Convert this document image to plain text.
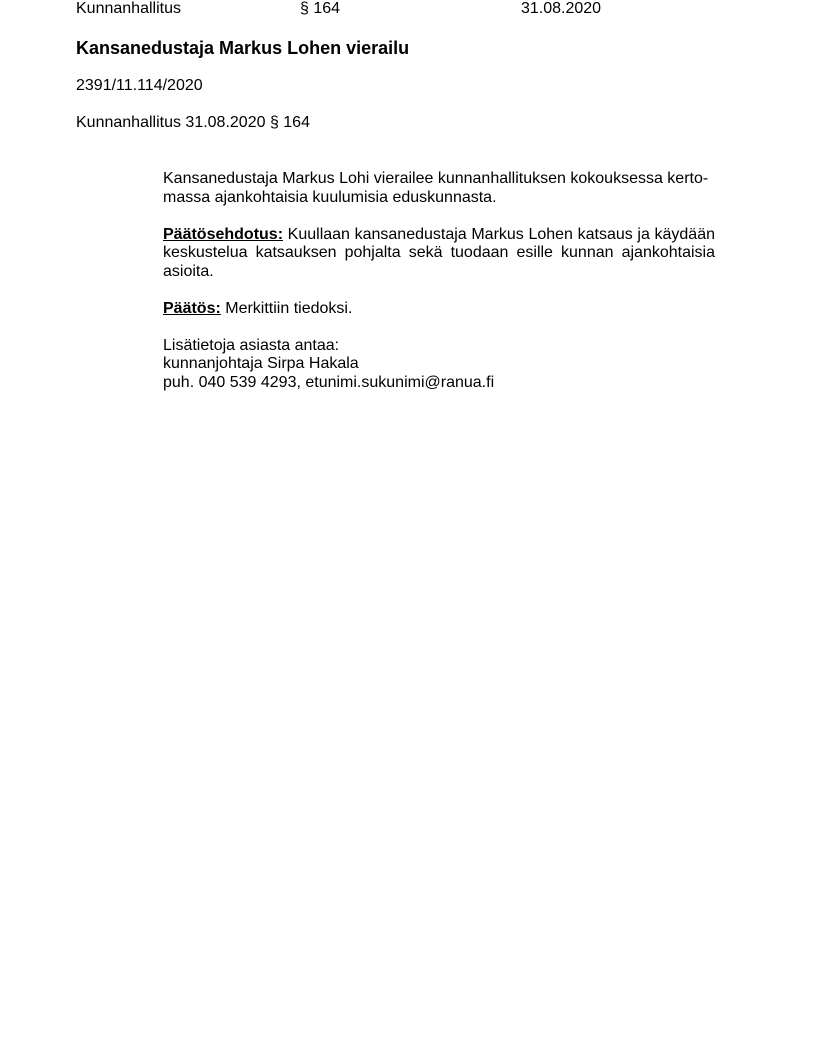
Kunnanhallitus	§ 164	31.08.2020
Kansanedustaja Markus Lohen vierailu
2391/11.114/2020
Kunnanhallitus 31.08.2020 § 164

Kansanedustaja Markus Lohi vierailee kunnanhallituksen kokouksessa kerto-
massa ajankohtaisia kuulumisia eduskunnasta.

Päätösehdotus: Kuullaan kansanedustaja Markus Lohen katsaus ja käydään keskustelua katsauksen pohjalta sekä tuodaan esille kunnan ajankohtaisia asioita.

Päätös: Merkittiin tiedoksi.

Lisätietoja asiasta antaa:
kunnanjohtaja Sirpa Hakala
puh. 040 539 4293, etunimi.sukunimi@ranua.fi
